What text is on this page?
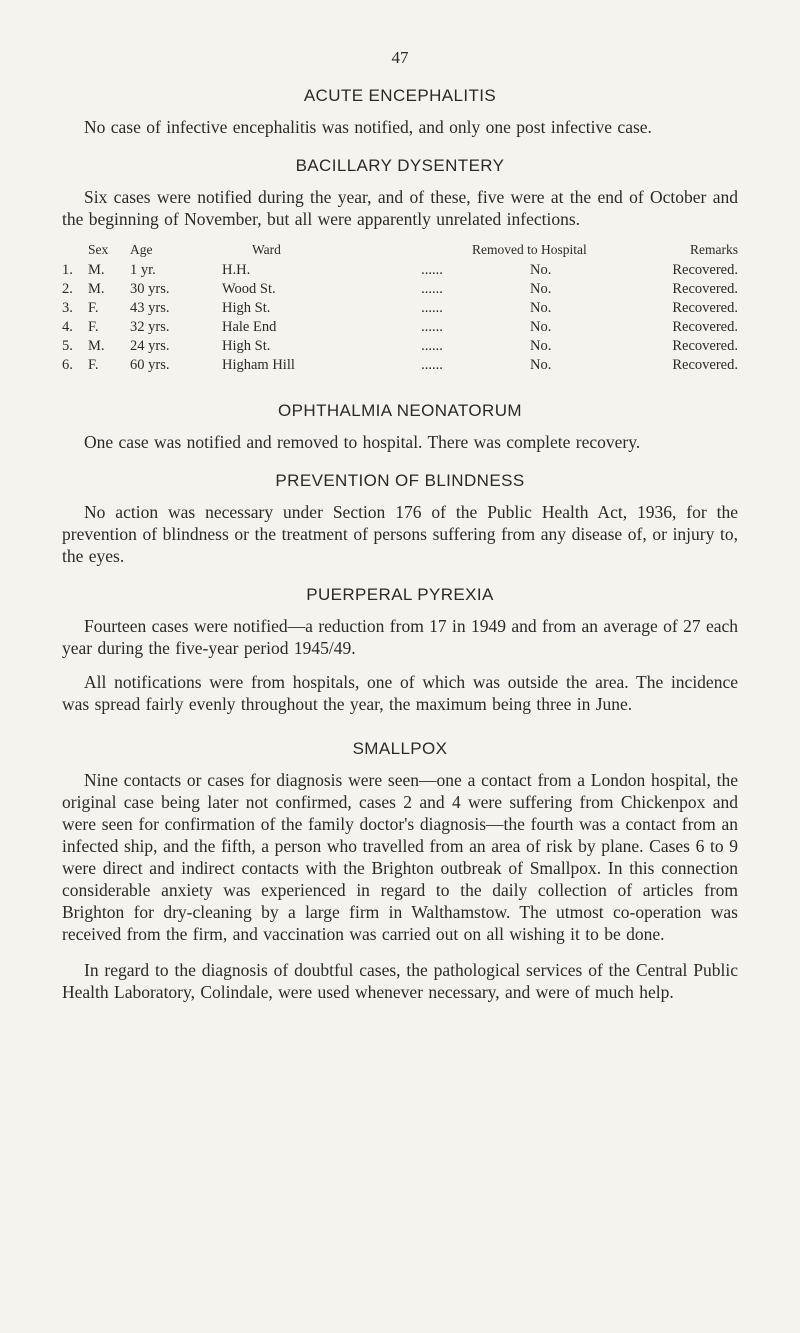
47
ACUTE ENCEPHALITIS

No case of infective encephalitis was notified, and only one post infective case.

BACILLARY DYSENTERY

Six cases were notified during the year, and of these, five were at the end of October and the beginning of November, but all were apparently unrelated infections.

	Sex	Age	Ward		Removed to Hospital	Remarks
1.	M.	1 yr.	H.H.	......	No.	Recovered.
2.	M.	30 yrs.	Wood St.	......	No.	Recovered.
3.	F.	43 yrs.	High St.	......	No.	Recovered.
4.	F.	32 yrs.	Hale End	......	No.	Recovered.
5.	M.	24 yrs.	High St.	......	No.	Recovered.
6.	F.	60 yrs.	Higham Hill	......	No.	Recovered.
OPHTHALMIA NEONATORUM

One case was notified and removed to hospital. There was complete recovery.

PREVENTION OF BLINDNESS

No action was necessary under Section 176 of the Public Health Act, 1936, for the prevention of blindness or the treatment of persons suffering from any disease of, or injury to, the eyes.

PUERPERAL PYREXIA

Fourteen cases were notified—a reduction from 17 in 1949 and from an average of 27 each year during the five-year period 1945/49.

All notifications were from hospitals, one of which was outside the area. The incidence was spread fairly evenly throughout the year, the maximum being three in June.

SMALLPOX

Nine contacts or cases for diagnosis were seen—one a contact from a London hospital, the original case being later not confirmed, cases 2 and 4 were suffering from Chickenpox and were seen for confirmation of the family doctor's diagnosis—the fourth was a contact from an infected ship, and the fifth, a person who travelled from an area of risk by plane. Cases 6 to 9 were direct and indirect contacts with the Brighton outbreak of Smallpox. In this connection considerable anxiety was experienced in regard to the daily collection of articles from Brighton for dry-cleaning by a large firm in Walthamstow. The utmost co-operation was received from the firm, and vaccination was carried out on all wishing it to be done.

In regard to the diagnosis of doubtful cases, the pathological services of the Central Public Health Laboratory, Colindale, were used whenever necessary, and were of much help.
